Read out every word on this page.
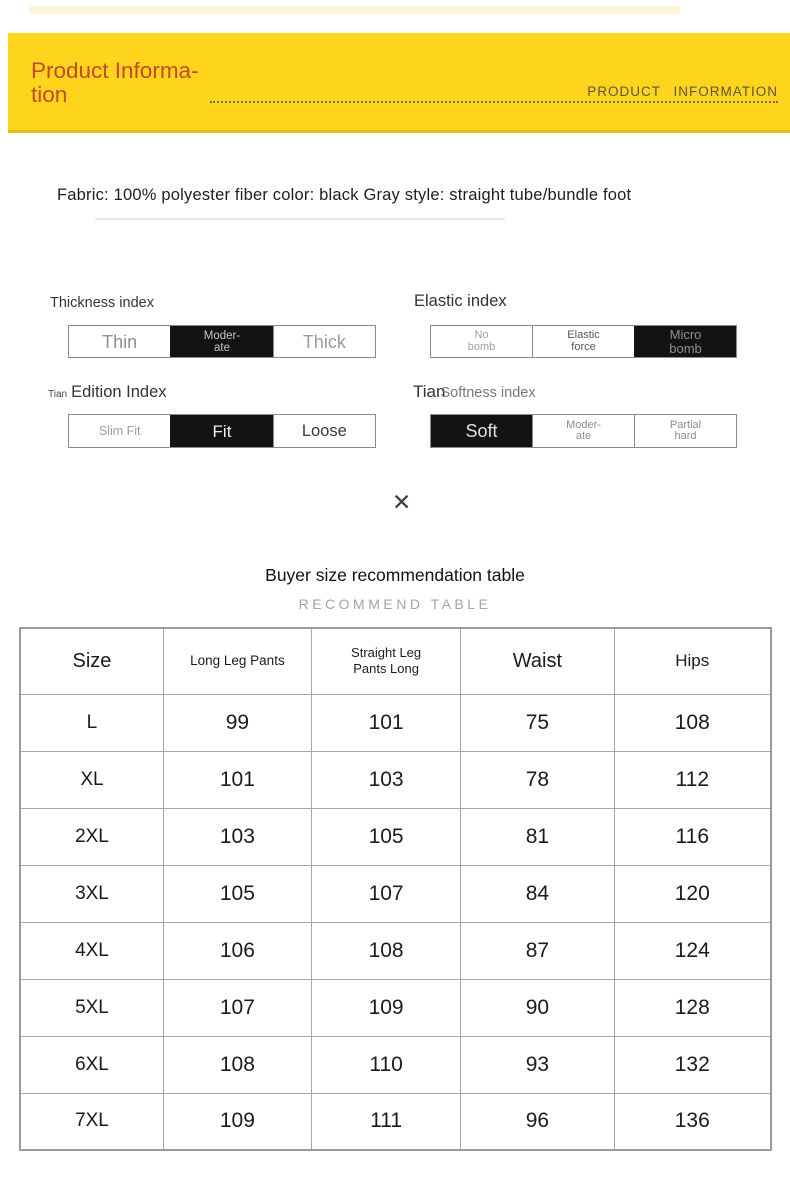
Product Informa-
tion	PRODUCT INFORMATION
Fabric: 100% polyester fiber color: black Gray style: straight tube/bundle foot
Thickness index
Thin	Moder-
ate	Thick
Elastic index
No
bomb
Elastic
force
Micro
bomb
Tian Edition Index
Slim Fit	Fit	Loose
TianSoftness index
Soft	Moder-
ate
Partial
hard
✕
Buyer size recommendation table
RECOMMEND TABLE
Size	Long Leg Pants	Straight Leg Pants Long	Waist	Hips
L	99	101	75	108
XL	101	103	78	112
2XL	103	105	81	116
3XL	105	107	84	120
4XL	106	108	87	124
5XL	107	109	90	128
6XL	108	110	93	132
7XL	109	111	96	136
